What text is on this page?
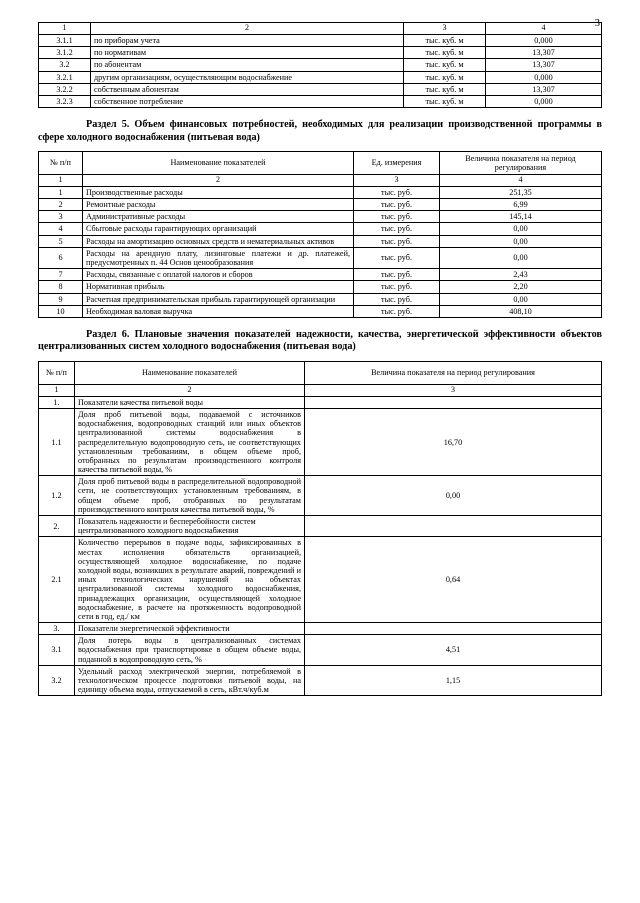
3
1	2	3	4
3.1.1	по приборам учета	тыс. куб. м	0,000
3.1.2	по нормативам	тыс. куб. м	13,307
3.2	по абонентам	тыс. куб. м	13,307
3.2.1	другим организациям, осуществляющим водоснабжение	тыс. куб. м	0,000
3.2.2	собственным абонентам	тыс. куб. м	13,307
3.2.3	собственное потребление	тыс. куб. м	0,000
Раздел 5. Объем финансовых потребностей, необходимых для реализации производственной программы в сфере холодного водоснабжения (питьевая вода)
№ п/п	Наименование показателей	Ед. измерения	Величина показателя на период регулирования
1	2	3	4
1	Производственные расходы	тыс. руб.	251,35
2	Ремонтные расходы	тыс. руб.	6,99
3	Административные расходы	тыс. руб.	145,14
4	Сбытовые расходы гарантирующих организаций	тыс. руб.	0,00
5	Расходы на амортизацию основных средств и нематериальных активов	тыс. руб.	0,00
6	Расходы на арендную плату, лизинговые платежи и др. платежей, предусмотренных п. 44 Основ ценообразования	тыс. руб.	0,00
7	Расходы, связанные с оплатой налогов и сборов	тыс. руб.	2,43
8	Нормативная прибыль	тыс. руб.	2,20
9	Расчетная предпринимательская прибыль гарантирующей организации	тыс. руб.	0,00
10	Необходимая валовая выручка	тыс. руб.	408,10
Раздел 6. Плановые значения показателей надежности, качества, энергетической эффективности объектов централизованных систем холодного водоснабжения (питьевая вода)
№ п/п	Наименование показателей	Величина показателя на период регулирования
1	2	3
1.	Показатели качества питьевой воды	
1.1	Доля проб питьевой воды, подаваемой с источников водоснабжения, водопроводных станций или иных объектов централизованной системы водоснабжения в распределительную водопроводную сеть, не соответствующих установленным требованиям, в общем объеме проб, отобранных по результатам производственного контроля качества питьевой воды, %	16,70
1.2	Доля проб питьевой воды в распределительной водопроводной сети, не соответствующих установленным требованиям, в общем объеме проб, отобранных по результатам производственного контроля качества питьевой воды, %	0,00
2.	Показатель надежности и бесперебойности систем централизованного холодного водоснабжения	
2.1	Количество перерывов в подаче воды, зафиксированных в местах исполнения обязательств организацией, осуществляющей холодное водоснабжение, по подаче холодной воды, возникших в результате аварий, повреждений и иных технологических нарушений на объектах централизованной системы холодного водоснабжения, принадлежащих организации, осуществляющей холодное водоснабжение, в расчете на протяженность водопроводной сети в год, ед./ км	0,64
3.	Показатели энергетической эффективности	
3.1	Доля потерь воды в централизованных системах водоснабжения при транспортировке в общем объеме воды, поданной в водопроводную сеть, %	4,51
3.2	Удельный расход электрической энергии, потребляемой в технологическом процессе подготовки питьевой воды, на единицу объема воды, отпускаемой в сеть, кВт.ч/куб.м	1,15
